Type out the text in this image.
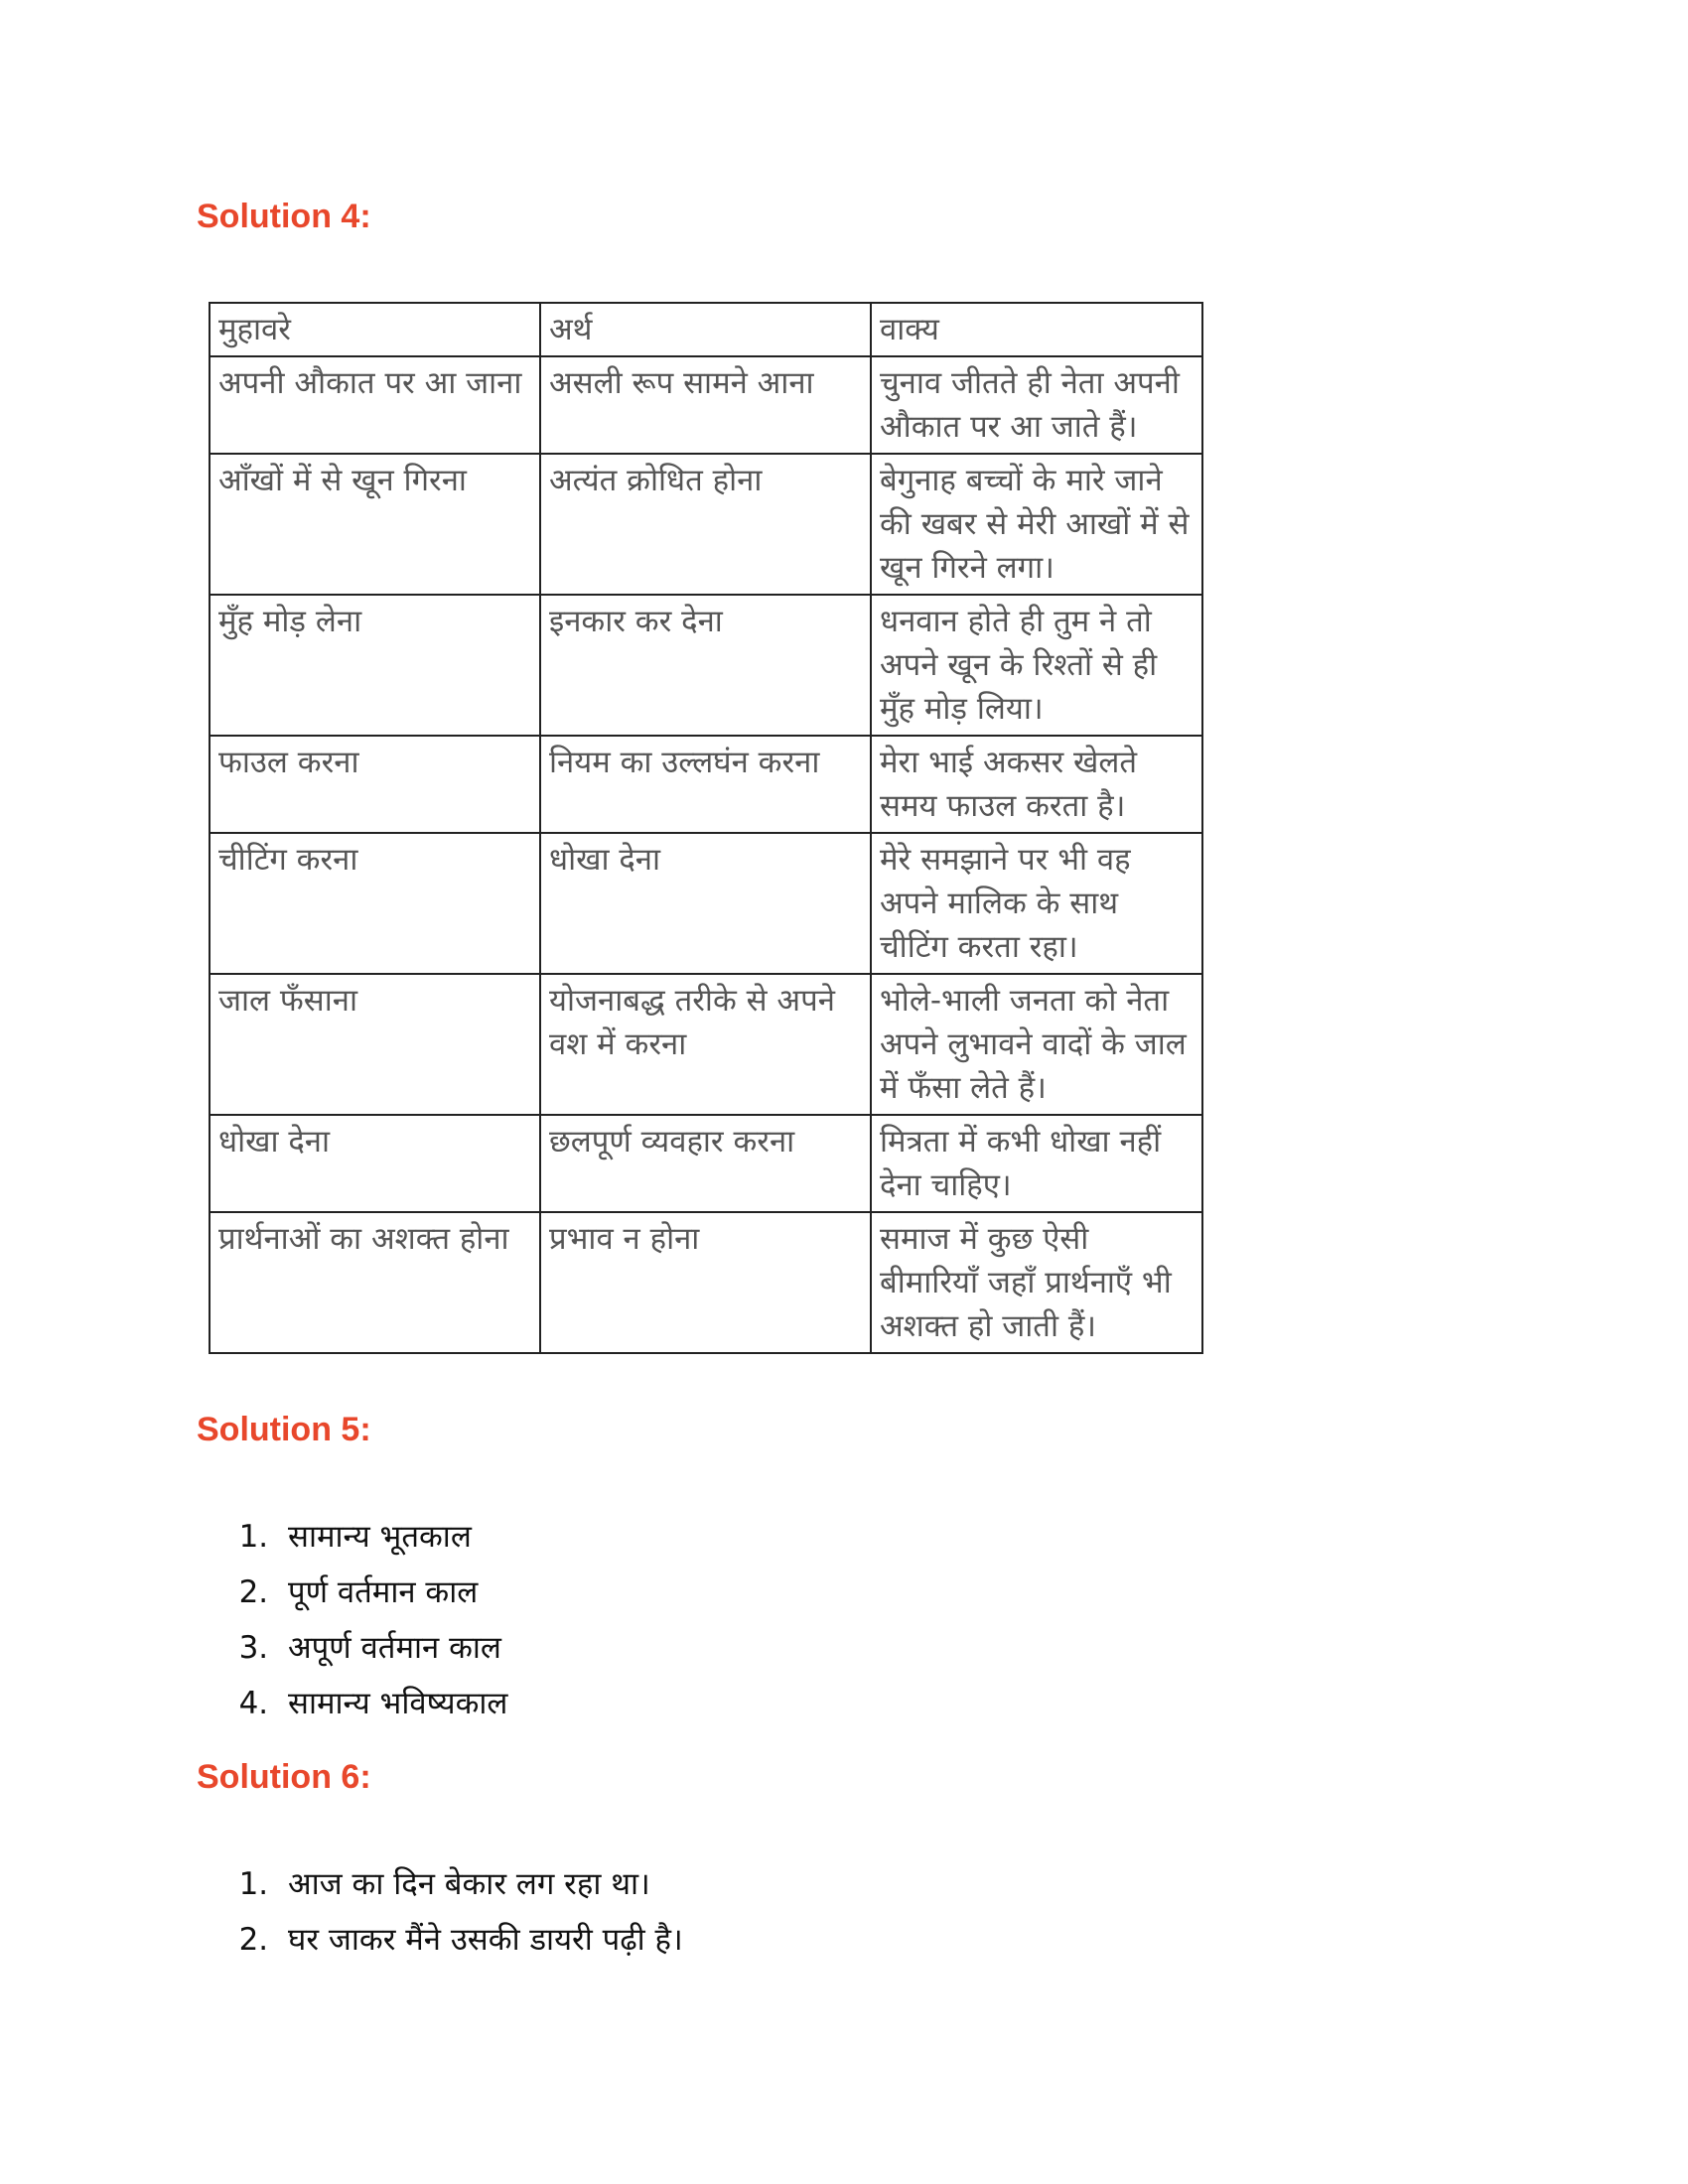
Solution 4:
मुहावरे	अर्थ	वाक्य
अपनी औकात पर आ जाना	असली रूप सामने आना	चुनाव जीतते ही नेता अपनी औकात पर आ जाते हैं।
आँखों में से खून गिरना	अत्यंत क्रोधित होना	बेगुनाह बच्चों के मारे जाने की खबर से मेरी आखों में से खून गिरने लगा।
मुँह मोड़ लेना	इनकार कर देना	धनवान होते ही तुम ने तो अपने खून के रिश्तों से ही मुँह मोड़ लिया।
फाउल करना	नियम का उल्लघंन करना	मेरा भाई अकसर खेलते समय फाउल करता है।
चीटिंग करना	धोखा देना	मेरे समझाने पर भी वह अपने मालिक के साथ चीटिंग करता रहा।
जाल फँसाना	योजनाबद्ध तरीके से अपने वश में करना	भोले-भाली जनता को नेता अपने लुभावने वादों के जाल में फँसा लेते हैं।
धोखा देना	छलपूर्ण व्यवहार करना	मित्रता में कभी धोखा नहीं देना चाहिए।
प्रार्थनाओं का अशक्त होना	प्रभाव न होना	समाज में कुछ ऐसी बीमारियाँ जहाँ प्रार्थनाएँ भी अशक्त हो जाती हैं।
Solution 5:
1. सामान्य भूतकाल
2. पूर्ण वर्तमान काल
3. अपूर्ण वर्तमान काल
4. सामान्य भविष्यकाल
Solution 6:
1. आज का दिन बेकार लग रहा था।
2. घर जाकर मैंने उसकी डायरी पढ़ी है।
